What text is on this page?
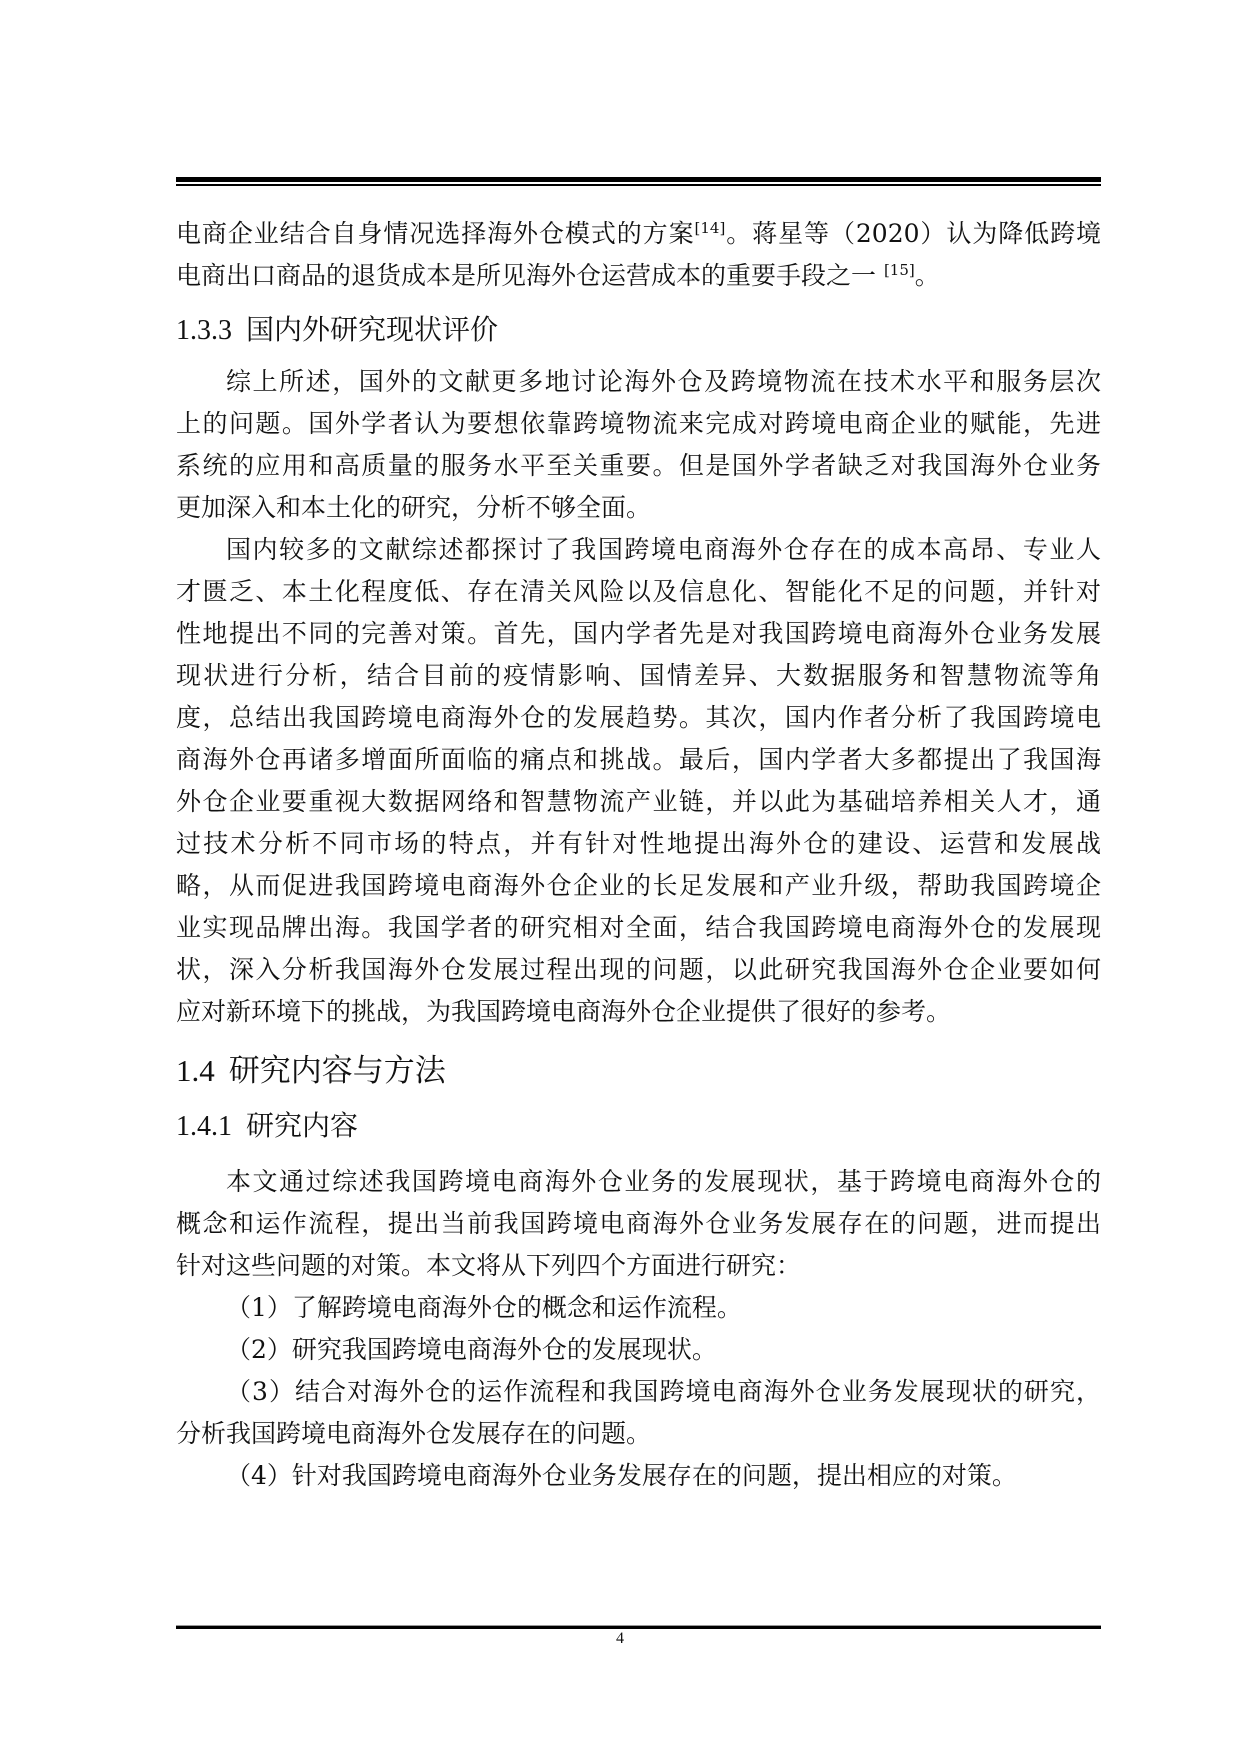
电商企业结合自身情况选择海外仓模式的方案[14]。蒋星等（2020）认为降低跨境
电商出口商品的退货成本是所见海外仓运营成本的重要手段之一 [15]。
1.3.3 国内外研究现状评价
综上所述，国外的文献更多地讨论海外仓及跨境物流在技术水平和服务层次
上的问题。国外学者认为要想依靠跨境物流来完成对跨境电商企业的赋能，先进
系统的应用和高质量的服务水平至关重要。但是国外学者缺乏对我国海外仓业务
更加深入和本土化的研究，分析不够全面。
国内较多的文献综述都探讨了我国跨境电商海外仓存在的成本高昂、专业人
才匮乏、本土化程度低、存在清关风险以及信息化、智能化不足的问题，并针对
性地提出不同的完善对策。首先，国内学者先是对我国跨境电商海外仓业务发展
现状进行分析，结合目前的疫情影响、国情差异、大数据服务和智慧物流等角
度，总结出我国跨境电商海外仓的发展趋势。其次，国内作者分析了我国跨境电
商海外仓再诸多增面所面临的痛点和挑战。最后，国内学者大多都提出了我国海
外仓企业要重视大数据网络和智慧物流产业链，并以此为基础培养相关人才，通
过技术分析不同市场的特点，并有针对性地提出海外仓的建设、运营和发展战
略，从而促进我国跨境电商海外仓企业的长足发展和产业升级，帮助我国跨境企
业实现品牌出海。我国学者的研究相对全面，结合我国跨境电商海外仓的发展现
状，深入分析我国海外仓发展过程出现的问题，以此研究我国海外仓企业要如何
应对新环境下的挑战，为我国跨境电商海外仓企业提供了很好的参考。
1.4 研究内容与方法
1.4.1 研究内容
本文通过综述我国跨境电商海外仓业务的发展现状，基于跨境电商海外仓的
概念和运作流程，提出当前我国跨境电商海外仓业务发展存在的问题，进而提出
针对这些问题的对策。本文将从下列四个方面进行研究：
（1）了解跨境电商海外仓的概念和运作流程。
（2）研究我国跨境电商海外仓的发展现状。
（3）结合对海外仓的运作流程和我国跨境电商海外仓业务发展现状的研究，
分析我国跨境电商海外仓发展存在的问题。
（4）针对我国跨境电商海外仓业务发展存在的问题，提出相应的对策。
4
